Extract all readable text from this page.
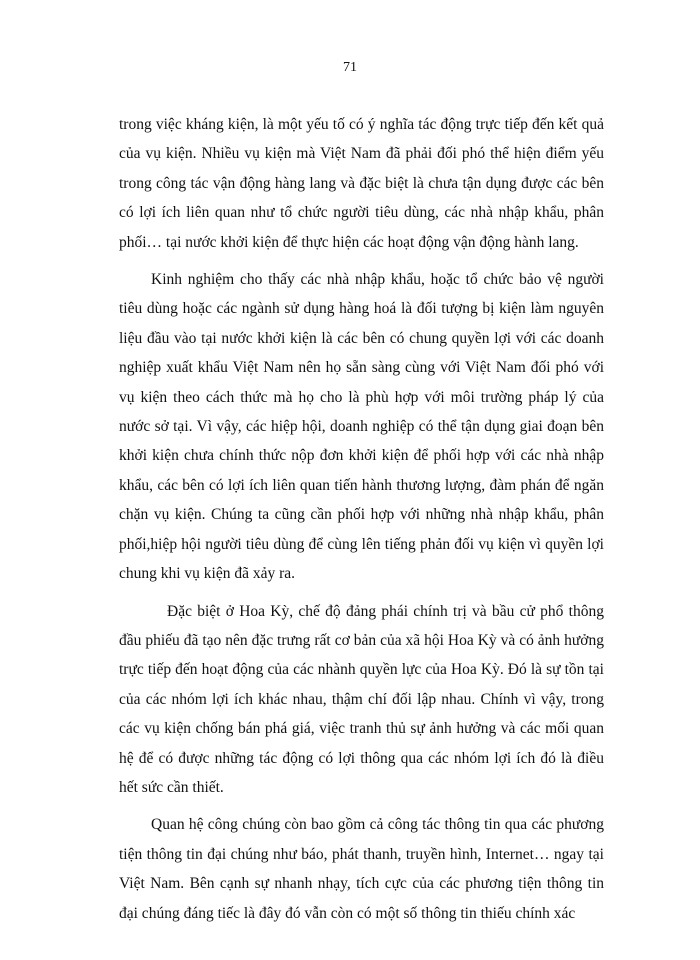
71

trong việc kháng kiện, là một yếu tố có ý nghĩa tác động trực tiếp đến kết quả của vụ kiện. Nhiều vụ kiện mà Việt Nam đã phải đối phó thể hiện điểm yếu trong công tác vận động hàng lang và đặc biệt là chưa tận dụng được các bên có lợi ích liên quan như tổ chức người tiêu dùng, các nhà nhập khẩu, phân phối… tại nước khởi kiện để thực hiện các hoạt động vận động hành lang.

Kinh nghiệm cho thấy các nhà nhập khẩu, hoặc tổ chức bảo vệ người tiêu dùng hoặc các ngành sử dụng hàng hoá là đối tượng bị kiện làm nguyên liệu đầu vào tại nước khởi kiện là các bên có chung quyền lợi với các doanh nghiệp xuất khẩu Việt Nam nên họ sẵn sàng cùng với Việt Nam đối phó với vụ kiện theo cách thức mà họ cho là phù hợp với môi trường pháp lý của nước sở tại. Vì vậy, các hiệp hội, doanh nghiệp có thể tận dụng giai đoạn bên khởi kiện chưa chính thức nộp đơn khởi kiện để phối hợp với các nhà nhập khẩu, các bên có lợi ích liên quan tiến hành thương lượng, đàm phán để ngăn chặn vụ kiện. Chúng ta cũng cần phối hợp với những nhà nhập khẩu, phân phối,hiệp hội người tiêu dùng để cùng lên tiếng phản đối vụ kiện vì quyền lợi chung khi vụ kiện đã xảy ra.

Đặc biệt ở Hoa Kỳ, chế độ đảng phái chính trị và bầu cử phổ thông đầu phiếu đã tạo nên đặc trưng rất cơ bản của xã hội Hoa Kỳ và có ảnh hưởng trực tiếp đến hoạt động của các nhành quyền lực của Hoa Kỳ. Đó là sự tồn tại của các nhóm lợi ích khác nhau, thậm chí đối lập nhau. Chính vì vậy, trong các vụ kiện chống bán phá giá, việc tranh thủ sự ảnh hưởng và các mối quan hệ để có được những tác động có lợi thông qua các nhóm lợi ích đó là điều hết sức cần thiết.

Quan hệ công chúng còn bao gồm cả công tác thông tin qua các phương tiện thông tin đại chúng như báo, phát thanh, truyền hình, Internet… ngay tại Việt Nam. Bên cạnh sự nhanh nhạy, tích cực của các phương tiện thông tin đại chúng đáng tiếc là đây đó vẫn còn có một số thông tin thiếu chính xác
